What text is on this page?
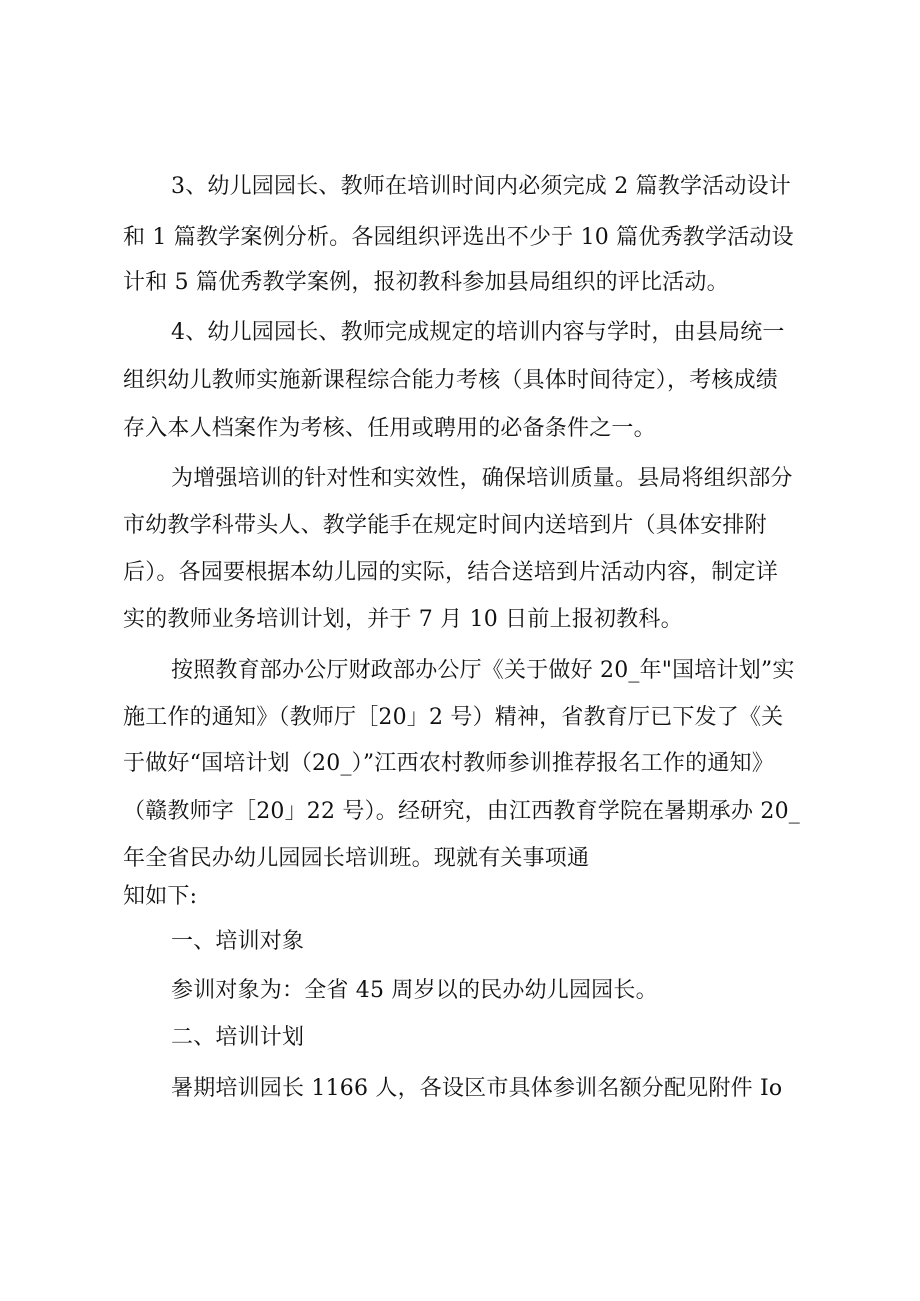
3、幼儿园园长、教师在培训时间内必须完成 2 篇教学活动设计
和 1 篇教学案例分析。各园组织评选出不少于 10 篇优秀教学活动设
计和 5 篇优秀教学案例，报初教科参加县局组织的评比活动。
4、幼儿园园长、教师完成规定的培训内容与学时，由县局统一
组织幼儿教师实施新课程综合能力考核（具体时间待定），考核成绩
存入本人档案作为考核、任用或聘用的必备条件之一。
为增强培训的针对性和实效性，确保培训质量。县局将组织部分
市幼教学科带头人、教学能手在规定时间内送培到片（具体安排附
后）。各园要根据本幼儿园的实际，结合送培到片活动内容，制定详
实的教师业务培训计划，并于 7 月 10 日前上报初教科。
按照教育部办公厅财政部办公厅《关于做好 20_年"国培计划”实
施工作的通知》（教师厅［20」2 号）精神，省教育厅已下发了《关
于做好“国培计划（20_）”江西农村教师参训推荐报名工作的通知》
（赣教师字［20」22 号）。经研究，由江西教育学院在暑期承办 20_
年全省民办幼儿园园长培训班。现就有关事项通
知如下:
一、培训对象
参训对象为：全省 45 周岁以的民办幼儿园园长。
二、培训计划
暑期培训园长 1166 人，各设区市具体参训名额分配见附件 Io
